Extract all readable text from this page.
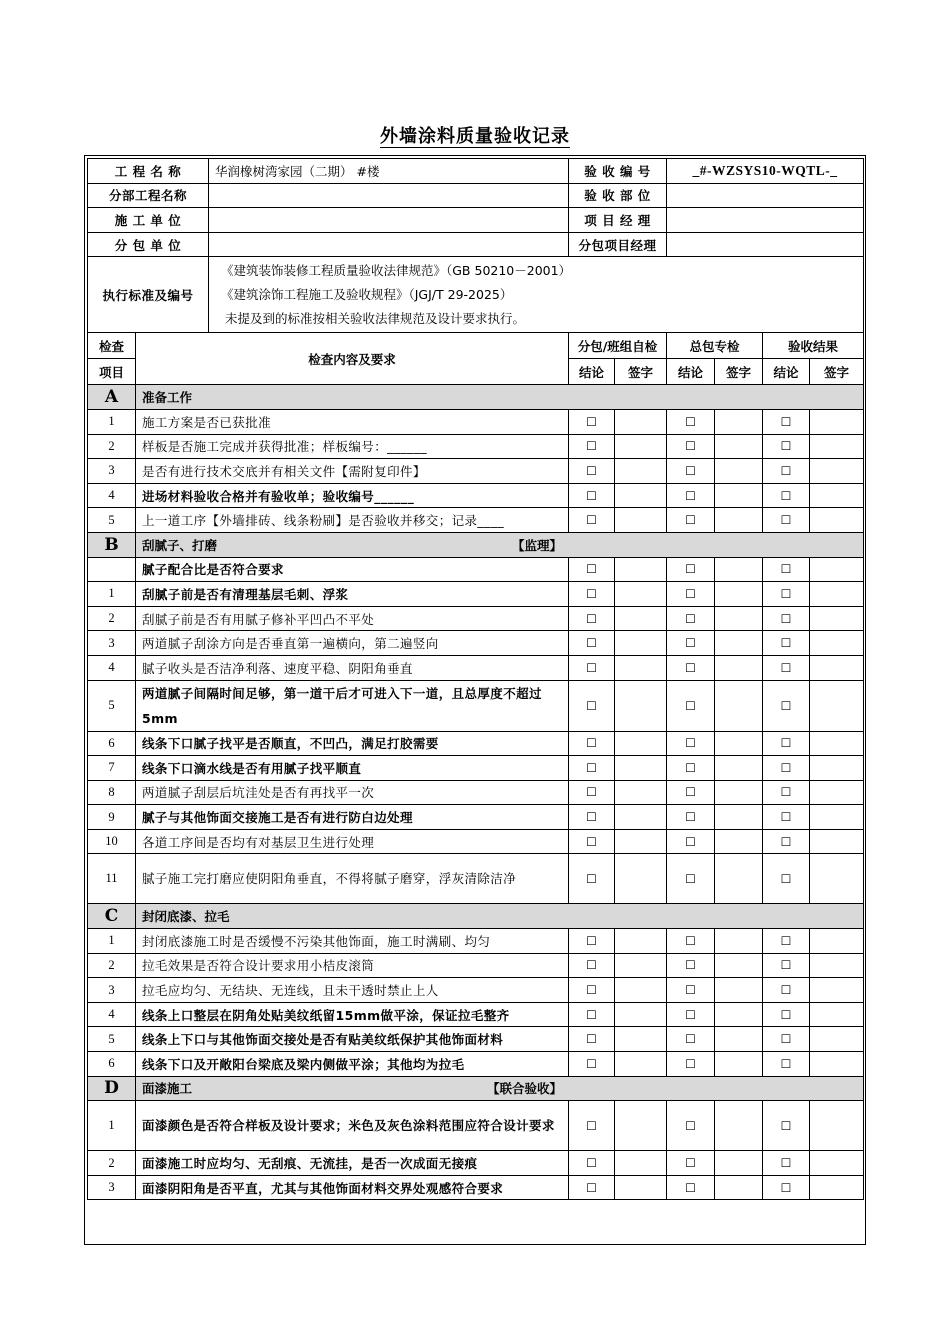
外墙涂料质量验收记录
工 程 名 称		华润橡树湾家园（二期） #楼	验 收 编 号		_#-WZSYS10-WQTL-_			
分部工程名称			验 收 部 位					
施 工 单 位			项 目 经 理					
分 包 单 位			分包项目经理					
执行标准及编号		《建筑装饰装修工程质量验收法律规范》（GB 50210－2001）
《建筑涂饰工程施工及验收规程》（JGJ/T 29-2025）
未提及到的标准按相关验收法律规范及设计要求执行。						

检查	检查内容及要求		分包/班组自检		总包专检		验收结果	
项目			结论	签字	结论	签字	结论	签字
A	准备工作							

1	施工方案是否已获批准		☐		☐		☐	
2	样板是否施工完成并获得批准；样板编号：______		☐		☐		☐	
3	是否有进行技术交底并有相关文件【需附复印件】		☐		☐		☐	
4	进场材料验收合格并有验收单；验收编号______		☐		☐		☐	
5	上一道工序【外墙排砖、线条粉刷】是否验收并移交；记录____		☐		☐		☐	
B	刮腻子、打磨 【监理】							

	腻子配合比是否符合要求		☐		☐		☐	
1	刮腻子前是否有清理基层毛刺、浮浆		☐		☐		☐	
2	刮腻子前是否有用腻子修补平凹凸不平处		☐		☐		☐	
3	两道腻子刮涂方向是否垂直第一遍横向，第二遍竖向		☐		☐		☐	
4	腻子收头是否洁净利落、速度平稳、阴阳角垂直		☐		☐		☐	
5	两道腻子间隔时间足够，第一道干后才可进入下一道，且总厚度不超过5mm		☐		☐		☐	
6	线条下口腻子找平是否顺直，不凹凸，满足打胶需要		☐		☐		☐	
7	线条下口滴水线是否有用腻子找平顺直		☐		☐		☐	
8	两道腻子刮层后坑洼处是否有再找平一次		☐		☐		☐	
9	腻子与其他饰面交接施工是否有进行防白边处理		☐		☐		☐	
10	各道工序间是否均有对基层卫生进行处理		☐		☐		☐	
11	腻子施工完打磨应使阴阳角垂直，不得将腻子磨穿，浮灰清除洁净		☐		☐		☐	
C	封闭底漆、拉毛							

1	封闭底漆施工时是否缓慢不污染其他饰面，施工时满刷、均匀		☐		☐		☐	
2	拉毛效果是否符合设计要求用小桔皮滚筒		☐		☐		☐	
3	拉毛应均匀、无结块、无连线，且未干透时禁止上人		☐		☐		☐	
4	线条上口整层在阴角处贴美纹纸留15mm做平涂，保证拉毛整齐		☐		☐		☐	
5	线条上下口与其他饰面交接处是否有贴美纹纸保护其他饰面材料		☐		☐		☐	
6	线条下口及开敞阳台梁底及梁内侧做平涂；其他均为拉毛		☐		☐		☐	
D	面漆施工 【联合验收】							

1	面漆颜色是否符合样板及设计要求；米色及灰色涂料范围应符合设计要求		☐		☐		☐	
2	面漆施工时应均匀、无刮痕、无流挂，是否一次成面无接痕		☐		☐		☐	
3	面漆阴阳角是否平直，尤其与其他饰面材料交界处观感符合要求		☐		☐		☐	
